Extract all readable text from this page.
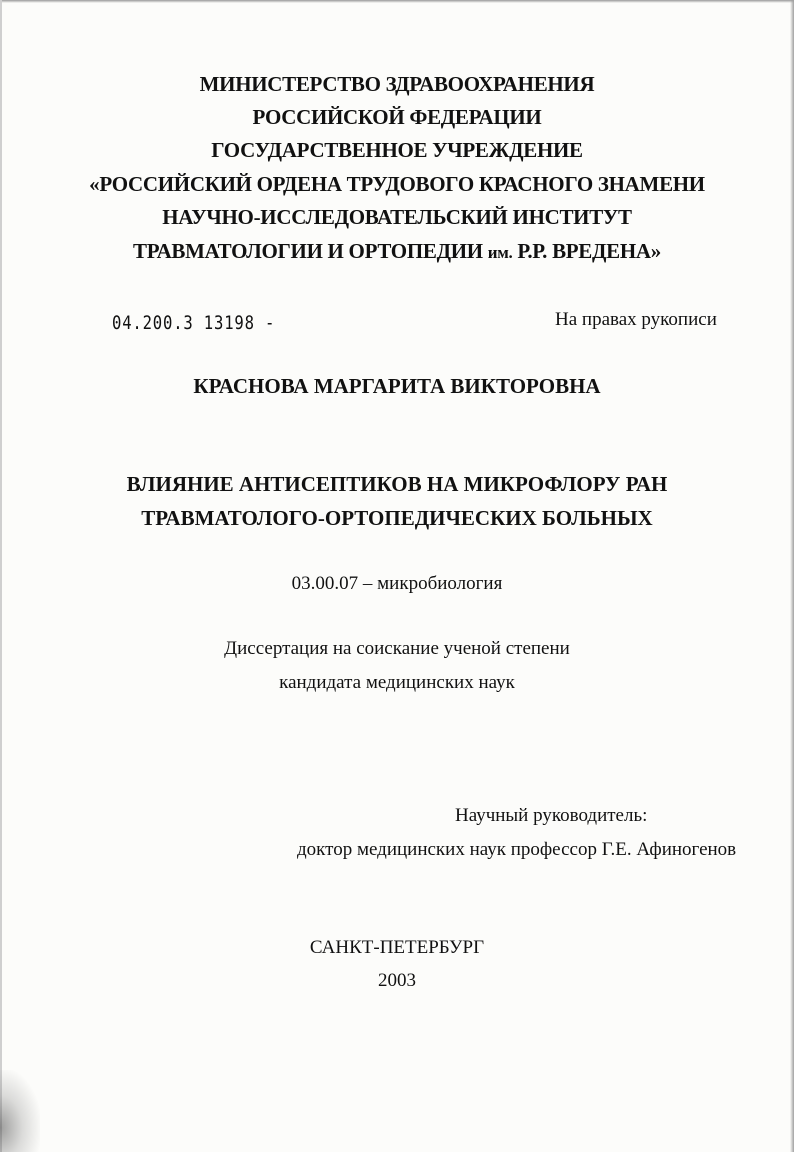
МИНИСТЕРСТВО ЗДРАВООХРАНЕНИЯ
РОССИЙСКОЙ ФЕДЕРАЦИИ
ГОСУДАРСТВЕННОЕ УЧРЕЖДЕНИЕ
«РОССИЙСКИЙ ОРДЕНА ТРУДОВОГО КРАСНОГО ЗНАМЕНИ
НАУЧНО-ИССЛЕДОВАТЕЛЬСКИЙ ИНСТИТУТ
ТРАВМАТОЛОГИИ И ОРТОПЕДИИ им. Р.Р. ВРЕДЕНА»
04.200.3 13198 -	На правах рукописи
КРАСНОВА МАРГАРИТА ВИКТОРОВНА
ВЛИЯНИЕ АНТИСЕПТИКОВ НА МИКРОФЛОРУ РАН
ТРАВМАТОЛОГО-ОРТОПЕДИЧЕСКИХ БОЛЬНЫХ
03.00.07 – микробиология
Диссертация на соискание ученой степени
кандидата медицинских наук
Научный руководитель:
доктор медицинских наук профессор Г.Е. Афиногенов
САНКТ-ПЕТЕРБУРГ
2003
